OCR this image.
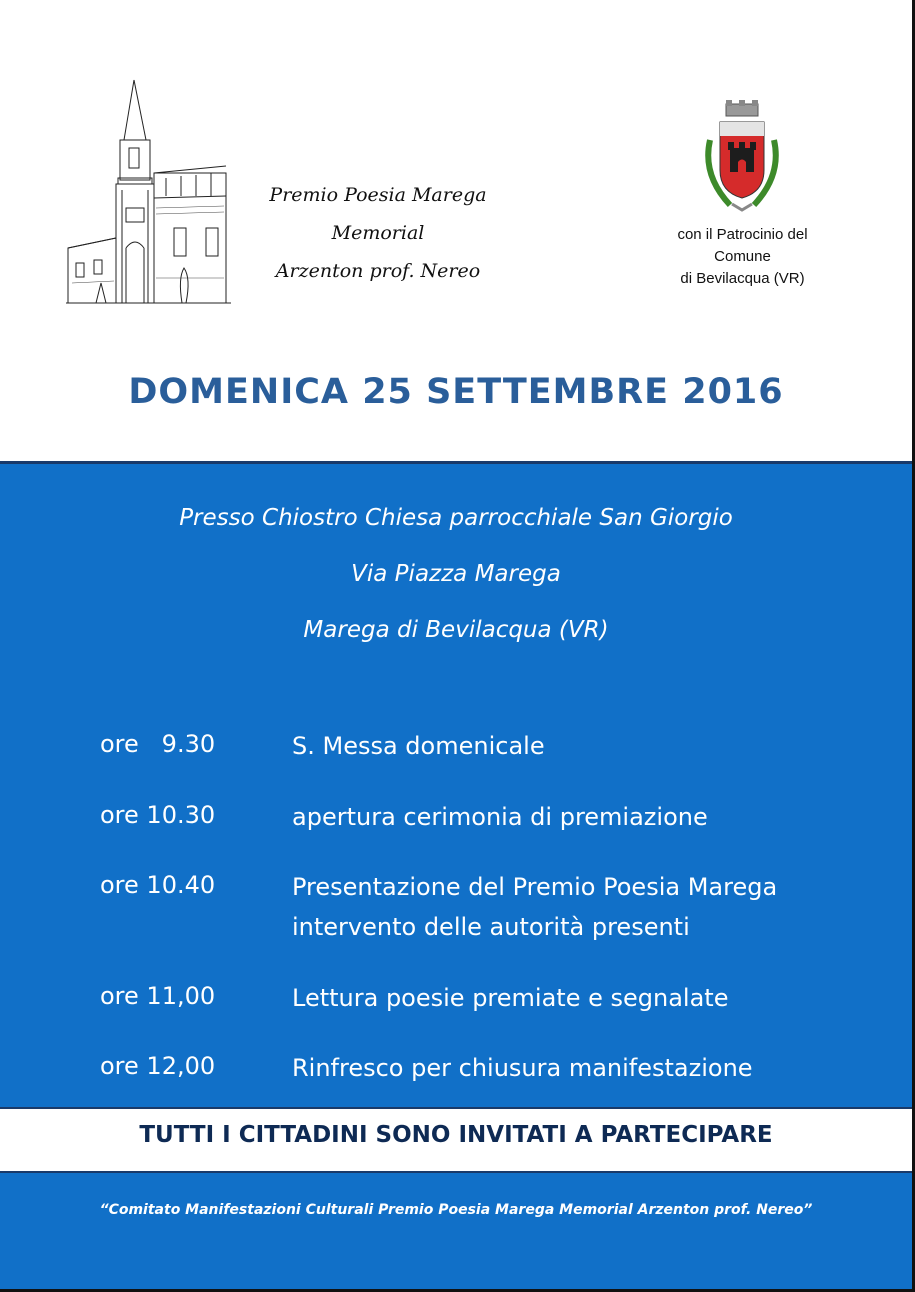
Premio Poesia Marega
Memorial
Arzenton prof. Nereo
con il Patrocinio del
Comune
di Bevilacqua (VR)
DOMENICA 25 SETTEMBRE 2016
Presso Chiostro Chiesa parrocchiale San Giorgio
Via Piazza Marega
Marega di Bevilacqua (VR)
ore   9.30	S. Messa domenicale
ore 10.30	apertura cerimonia di premiazione
ore 10.40	Presentazione del Premio Poesia Marega
intervento delle autorità presenti
ore 11,00	Lettura poesie premiate e segnalate
ore 12,00	Rinfresco per chiusura manifestazione
TUTTI I CITTADINI SONO INVITATI A PARTECIPARE
“Comitato Manifestazioni Culturali Premio Poesia Marega Memorial Arzenton prof. Nereo”
